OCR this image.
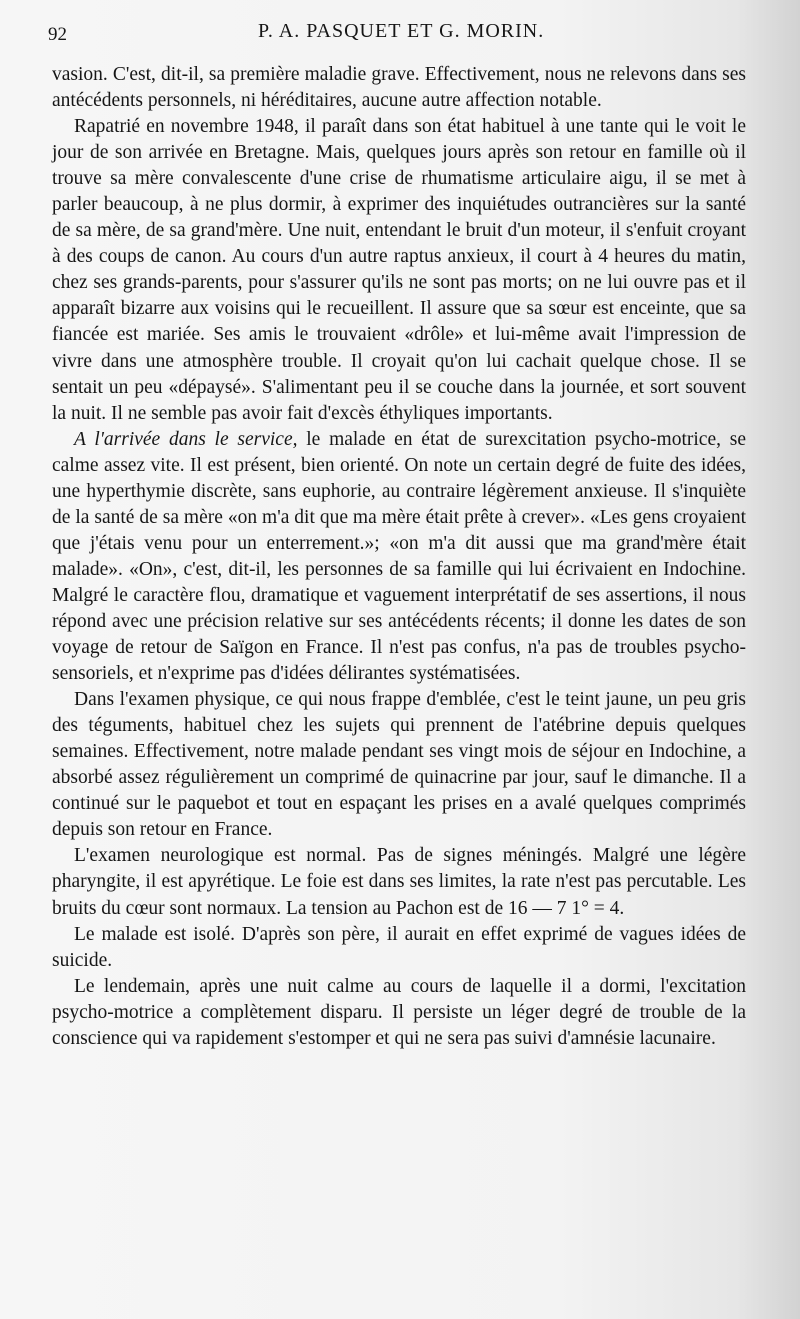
92	P. A. PASQUET ET G. MORIN.

vasion. C'est, dit-il, sa première maladie grave. Effectivement, nous ne relevons dans ses antécédents personnels, ni héréditaires, aucune autre affection notable.

Rapatrié en novembre 1948, il paraît dans son état habituel à une tante qui le voit le jour de son arrivée en Bretagne. Mais, quelques jours après son retour en famille où il trouve sa mère convalescente d'une crise de rhumatisme articulaire aigu, il se met à parler beaucoup, à ne plus dormir, à exprimer des inquiétudes outrancières sur la santé de sa mère, de sa grand'mère. Une nuit, entendant le bruit d'un moteur, il s'enfuit croyant à des coups de canon. Au cours d'un autre raptus anxieux, il court à 4 heures du matin, chez ses grands-parents, pour s'assurer qu'ils ne sont pas morts; on ne lui ouvre pas et il apparaît bizarre aux voisins qui le recueillent. Il assure que sa sœur est enceinte, que sa fiancée est mariée. Ses amis le trouvaient «drôle» et lui-même avait l'impression de vivre dans une atmosphère trouble. Il croyait qu'on lui cachait quelque chose. Il se sentait un peu «dépaysé». S'alimentant peu il se couche dans la journée, et sort souvent la nuit. Il ne semble pas avoir fait d'excès éthyliques importants.

A l'arrivée dans le service, le malade en état de surexcitation psycho-motrice, se calme assez vite. Il est présent, bien orienté. On note un certain degré de fuite des idées, une hyperthymie discrète, sans euphorie, au contraire légèrement anxieuse. Il s'inquiète de la santé de sa mère «on m'a dit que ma mère était prête à crever». «Les gens croyaient que j'étais venu pour un enterrement.»; «on m'a dit aussi que ma grand'mère était malade». «On», c'est, dit-il, les personnes de sa famille qui lui écrivaient en Indochine. Malgré le caractère flou, dramatique et vaguement interprétatif de ses assertions, il nous répond avec une précision relative sur ses antécédents récents; il donne les dates de son voyage de retour de Saïgon en France. Il n'est pas confus, n'a pas de troubles psycho-sensoriels, et n'exprime pas d'idées délirantes systématisées.

Dans l'examen physique, ce qui nous frappe d'emblée, c'est le teint jaune, un peu gris des téguments, habituel chez les sujets qui prennent de l'atébrine depuis quelques semaines. Effectivement, notre malade pendant ses vingt mois de séjour en Indochine, a absorbé assez régulièrement un comprimé de quinacrine par jour, sauf le dimanche. Il a continué sur le paquebot et tout en espaçant les prises en a avalé quelques comprimés depuis son retour en France.

L'examen neurologique est normal. Pas de signes méningés. Malgré une légère pharyngite, il est apyrétique. Le foie est dans ses limites, la rate n'est pas percutable. Les bruits du cœur sont normaux. La tension au Pachon est de 16 — 7 1° = 4.

Le malade est isolé. D'après son père, il aurait en effet exprimé de vagues idées de suicide.

Le lendemain, après une nuit calme au cours de laquelle il a dormi, l'excitation psycho-motrice a complètement disparu. Il persiste un léger degré de trouble de la conscience qui va rapidement s'estomper et qui ne sera pas suivi d'amnésie lacunaire.
